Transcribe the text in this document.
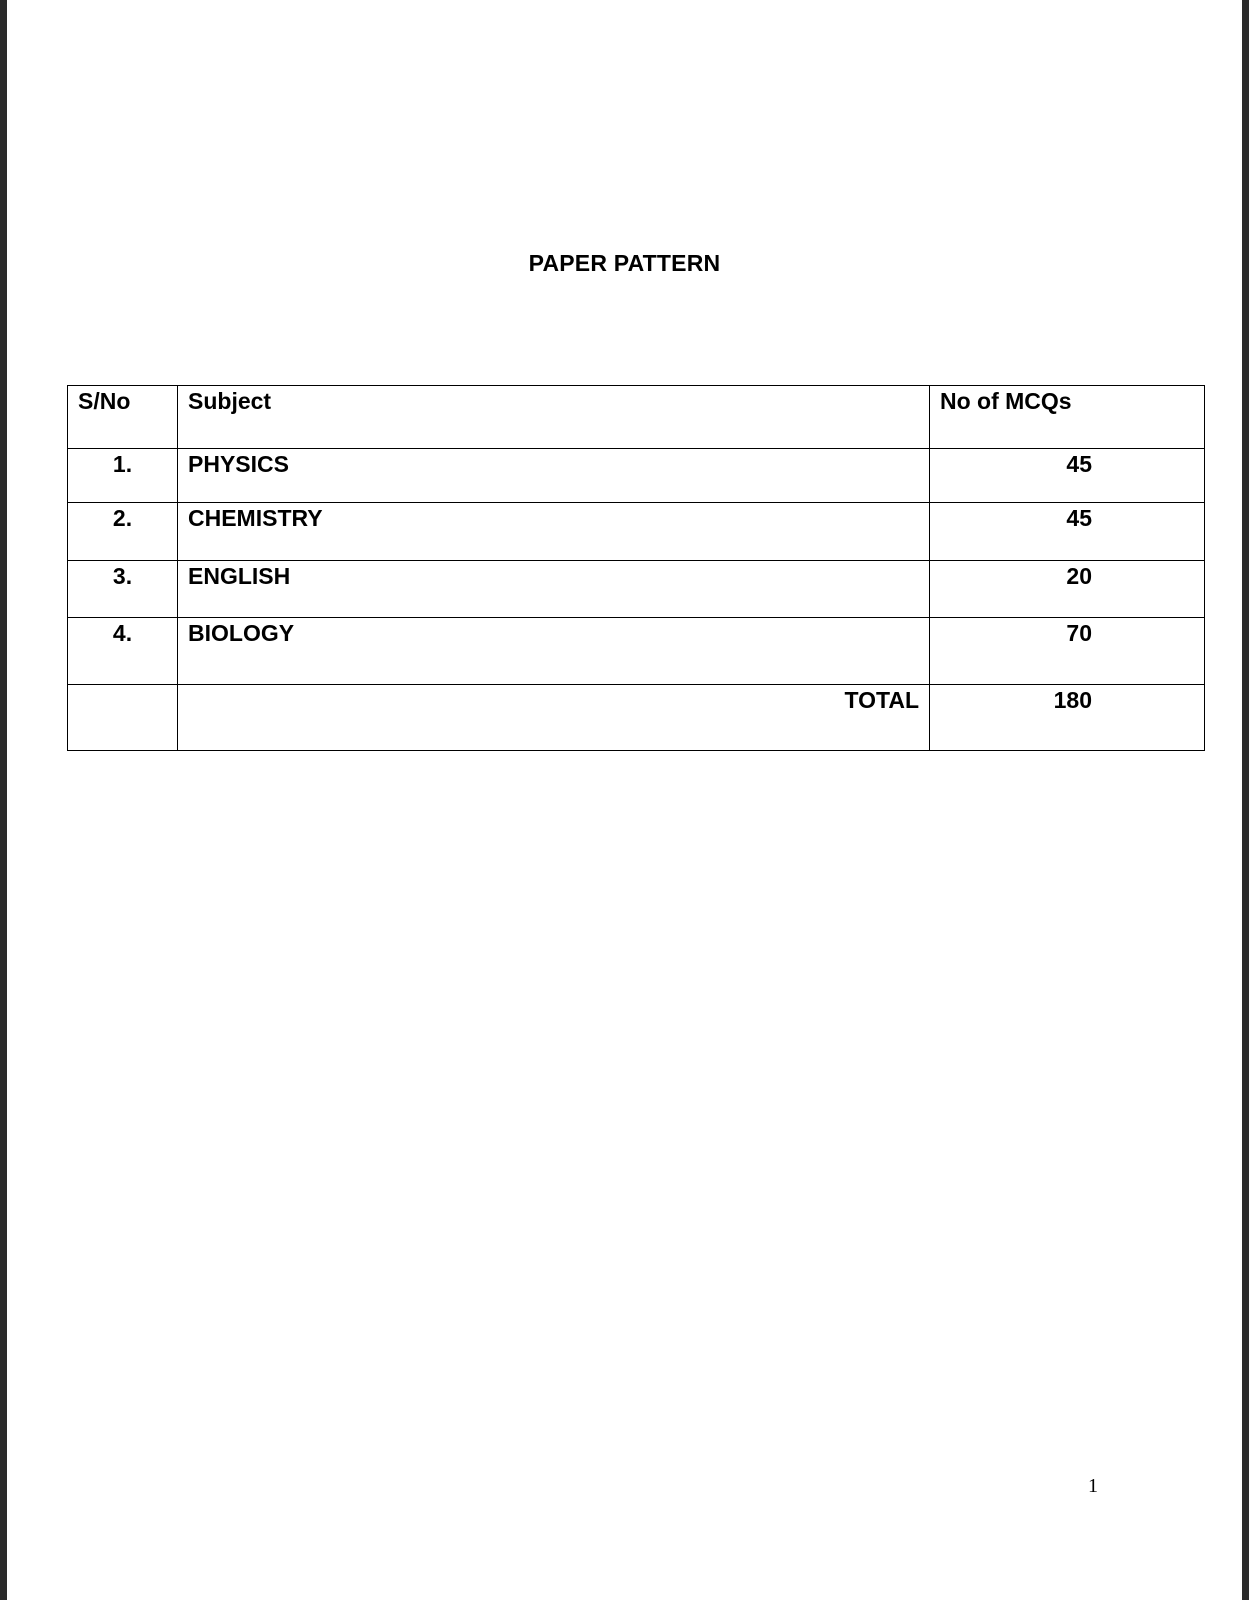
PAPER PATTERN
S/No	Subject	No of MCQs
1.	PHYSICS	45
2.	CHEMISTRY	45
3.	ENGLISH	20
4.	BIOLOGY	70
	TOTAL	180
1
